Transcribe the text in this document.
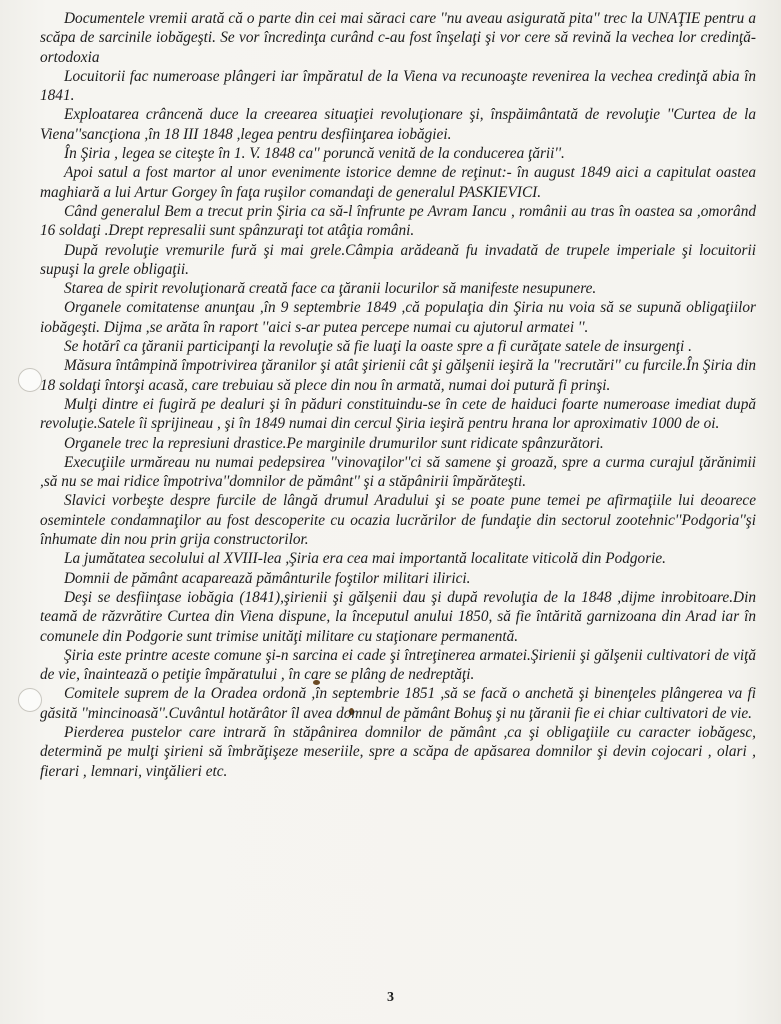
Documentele vremii arată că o parte din cei mai săraci care ''nu aveau asigurată pita'' trec la UNAŢIE pentru a scăpa de sarcinile iobăgeşti. Se vor încredinţa curând c-au fost înşelaţi şi vor cere să revină la vechea lor credinţă- ortodoxia

Locuitorii fac numeroase plângeri iar împăratul de la Viena va recunoaşte revenirea la vechea credinţă abia în 1841.

Exploatarea crâncenă duce la creearea situaţiei revoluţionare şi, înspăimântată de revoluţie ''Curtea de la Viena''sancţiona ,în 18 III 1848 ,legea pentru desfiinţarea iobăgiei.

În Şiria , legea se citeşte în 1. V. 1848 ca'' poruncă venită de la conducerea ţării''.

Apoi satul a fost martor al unor evenimente istorice demne de reţinut:- în august 1849 aici a capitulat oastea maghiară a lui Artur Gorgey în faţa ruşilor comandaţi de generalul PASKIEVICI.

Când generalul Bem a trecut prin Şiria ca să-l înfrunte pe Avram Iancu , românii au tras în oastea sa ,omorând 16 soldaţi .Drept represalii sunt spânzuraţi tot atâţia români.

După revoluţie vremurile fură şi mai grele.Câmpia arădeană fu invadată de trupele imperiale şi locuitorii supuşi la grele obligaţii.

Starea de spirit revoluţionară creată face ca ţăranii locurilor să manifeste nesupunere.

Organele comitatense anunţau ,în 9 septembrie 1849 ,că populaţia din Şiria nu voia să se supună obligaţiilor iobăgeşti. Dijma ,se arăta în raport ''aici s-ar putea percepe numai cu ajutorul armatei ''.

Se hotărî ca ţăranii participanţi la revoluţie să fie luaţi la oaste spre a fi curăţate satele de insurgenţi .

Măsura întâmpină împotrivirea ţăranilor şi atât şirienii cât şi gălşenii ieşiră la ''recrutări'' cu furcile.În Şiria din 18 soldaţi întorşi acasă, care trebuiau să plece din nou în armată, numai doi putură fi prinşi.

Mulţi dintre ei fugiră pe dealuri şi în păduri constituindu-se în cete de haiduci foarte numeroase imediat după revoluţie.Satele îi sprijineau , şi în 1849 numai din cercul Şiria ieşiră pentru hrana lor aproximativ 1000 de oi.

Organele trec la represiuni drastice.Pe marginile drumurilor sunt ridicate spânzurători.

Execuţiile urmăreau nu numai pedepsirea ''vinovaţilor''ci să samene şi groază, spre a curma curajul ţărănimii ,să nu se mai ridice împotriva''domnilor de pământ'' şi a stăpânirii împărăteşti.

Slavici vorbeşte despre furcile de lângă drumul Aradului şi se poate pune temei pe afirmaţiile lui deoarece osemintele condamnaţilor au fost descoperite cu ocazia lucrărilor de fundaţie din sectorul zootehnic''Podgoria''şi înhumate din nou prin grija constructorilor.

La jumătatea secolului al XVIII-lea ,Şiria era cea mai importantă localitate viticolă din Podgorie.

Domnii de pământ acaparează pământurile foştilor militari ilirici.

Deşi se desfiinţase iobăgia (1841),şirienii şi gălşenii dau şi după revoluţia de la 1848 ,dijme inrobitoare.Din teamă de răzvrătire Curtea din Viena dispune, la începutul anului 1850, să fie întărită garnizoana din Arad iar în comunele din Podgorie sunt trimise unităţi militare cu staţionare permanentă.

Şiria este printre aceste comune şi-n sarcina ei cade şi întreţinerea armatei.Şirienii şi gălşenii cultivatori de viţă de vie, înaintează o petiţie împăratului , în care se plâng de nedreptăţi.

Comitele suprem de la Oradea ordonă ,în septembrie 1851 ,să se facă o anchetă şi binenţeles plângerea va fi găsită ''mincinoasă''.Cuvântul hotărâtor îl avea domnul de pământ Bohuş şi nu ţăranii fie ei chiar cultivatori de vie.

Pierderea pustelor care intrară în stăpânirea domnilor de pământ ,ca şi obligaţiile cu caracter iobăgesc, determină pe mulţi şirieni să îmbrăţişeze meseriile, spre a scăpa de apăsarea domnilor şi devin cojocari , olari , fierari , lemnari, vinţălieri etc.

3
